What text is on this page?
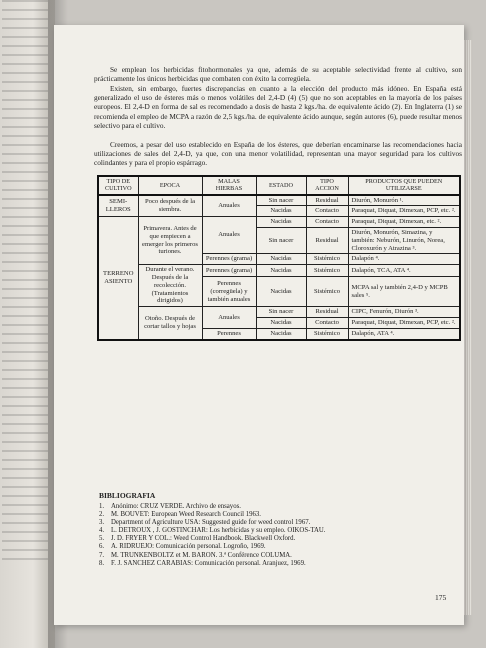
Se emplean los herbicidas fitohormonales ya que, además de su aceptable selectividad frente al cultivo, son prácticamente los únicos herbicidas que combaten con éxito la corregüela.

Existen, sin embargo, fuertes discrepancias en cuanto a la elección del producto más idóneo. En España está generalizado el uso de ésteres más o menos volátiles del 2,4-D (4) (5) que no son aceptables en la mayoría de los países europeos. El 2,4-D en forma de sal es recomendado a dosis de hasta 2 kgs./ha. de equivalente ácido (2). En Inglaterra (1) se recomienda el empleo de MCPA a razón de 2,5 kgs./ha. de equivalente ácido aunque, según autores (6), puede resultar menos selectivo para el cultivo.

Creemos, a pesar del uso establecido en España de los ésteres, que deberían encaminarse las recomendaciones hacia utilizaciones de sales del 2,4-D, ya que, con una menor volatilidad, representan una mayor seguridad para los cultivos colindantes y para el propio espárrago.

TIPO DE CULTIVO	EPOCA	MALAS HIERBAS	ESTADO	TIPO ACCION	PRODUCTOS QUE PUEDEN UTILIZARSE
SEMI-LLEROS	Poco después de la siembra.	Anuales	Sin nacer	Residual	Diurón, Monurón ¹.
			Nacidas	Contacto	Paraquat, Diquat, Dimexan, PCP, etc. ².
TERRENO ASIENTO	Primavera. Antes de que empiecen a emerger los primeros turiones.	Anuales	Nacidas	Contacto	Paraquat, Diquat, Dimexan, etc. ².
			Sin nacer	Residual	Diurón, Monurón, Simazina, y también: Neburón, Linurón, Norea, Cloroxurón y Atrazina ³.
		Perennes (grama)	Nacidas	Sistémico	Dalapón ⁴.
	Durante el verano. Después de la recolección. (Tratamientos dirigidos)	Perennes (grama)	Nacidas	Sistémico	Dalapón, TCA, ATA ⁴.
		Perennes (corregüela) y también anuales	Nacidas	Sistémico	MCPA sal y también 2,4-D y MCPB sales ⁵.
	Otoño. Después de cortar tallos y hojas	Anuales	Sin nacer	Residual	CIPC, Fenurón, Diurón ³.
			Nacidas	Contacto	Paraquat, Diquat, Dimexan, PCP, etc. ².
		Perennes	Nacidas	Sistémico	Dalapón, ATA ⁴.

BIBLIOGRAFIA

1.	Anónimo: CRUZ VERDE. Archivo de ensayos.
2.	M. BOUVET: European Weed Research Council 1963.
3.	Department of Agriculture USA: Suggested guide for weed control 1967.
4.	L. DETROUX , J. GOSTINCHAR: Los herbicidas y su empleo. OIKOS-TAU.
5.	J. D. FRYER Y COL.: Weed Control Handbook. Blackwell Oxford.
6.	A. RIDRUEJO: Comunicación personal. Logroño, 1969.
7.	M. TRUNKENBOLTZ et M. BARON. 3.ª Conférence COLUMA.
8.	F. J. SANCHEZ CARABIAS: Comunicación personal. Aranjuez, 1969.
175
